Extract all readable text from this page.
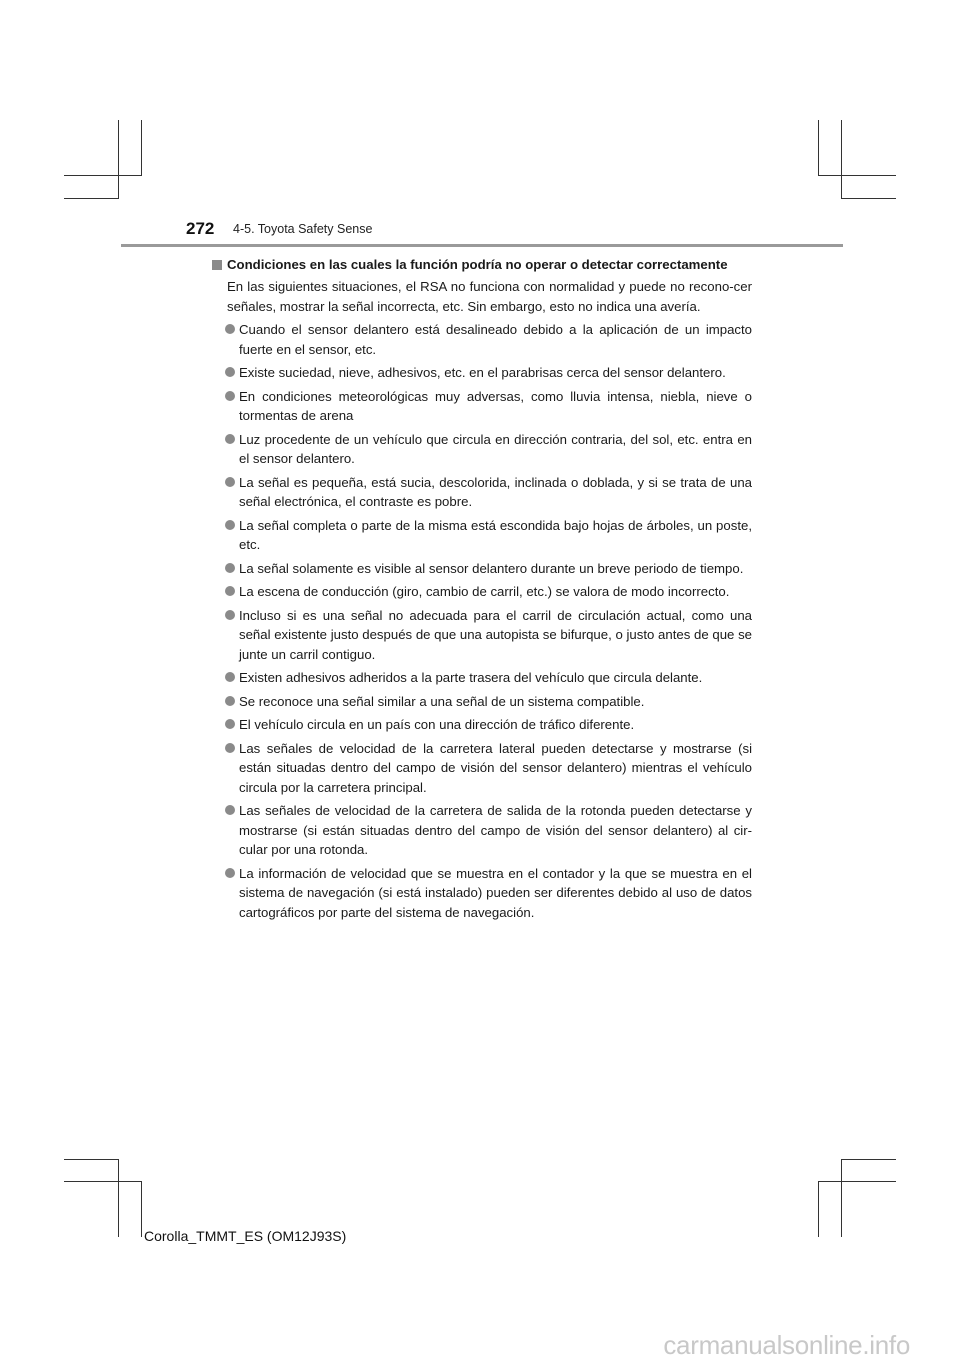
272 4-5. Toyota Safety Sense
Condiciones en las cuales la función podría no operar o detectar correctamente

En las siguientes situaciones, el RSA no funciona con normalidad y puede no recono-cer señales, mostrar la señal incorrecta, etc. Sin embargo, esto no indica una avería.

Cuando el sensor delantero está desalineado debido a la aplicación de un impacto fuerte en el sensor, etc.
Existe suciedad, nieve, adhesivos, etc. en el parabrisas cerca del sensor delantero.
En condiciones meteorológicas muy adversas, como lluvia intensa, niebla, nieve o tormentas de arena
Luz procedente de un vehículo que circula en dirección contraria, del sol, etc. entra en el sensor delantero.
La señal es pequeña, está sucia, descolorida, inclinada o doblada, y si se trata de una señal electrónica, el contraste es pobre.
La señal completa o parte de la misma está escondida bajo hojas de árboles, un poste, etc.
La señal solamente es visible al sensor delantero durante un breve periodo de tiempo.
La escena de conducción (giro, cambio de carril, etc.) se valora de modo incorrecto.
Incluso si es una señal no adecuada para el carril de circulación actual, como una señal existente justo después de que una autopista se bifurque, o justo antes de que se junte un carril contiguo.
Existen adhesivos adheridos a la parte trasera del vehículo que circula delante.
Se reconoce una señal similar a una señal de un sistema compatible.
El vehículo circula en un país con una dirección de tráfico diferente.
Las señales de velocidad de la carretera lateral pueden detectarse y mostrarse (si están situadas dentro del campo de visión del sensor delantero) mientras el vehículo circula por la carretera principal.
Las señales de velocidad de la carretera de salida de la rotonda pueden detectarse y mostrarse (si están situadas dentro del campo de visión del sensor delantero) al cir-cular por una rotonda.
La información de velocidad que se muestra en el contador y la que se muestra en el sistema de navegación (si está instalado) pueden ser diferentes debido al uso de datos cartográficos por parte del sistema de navegación.
Corolla_TMMT_ES (OM12J93S)
carmanualsonline.info
